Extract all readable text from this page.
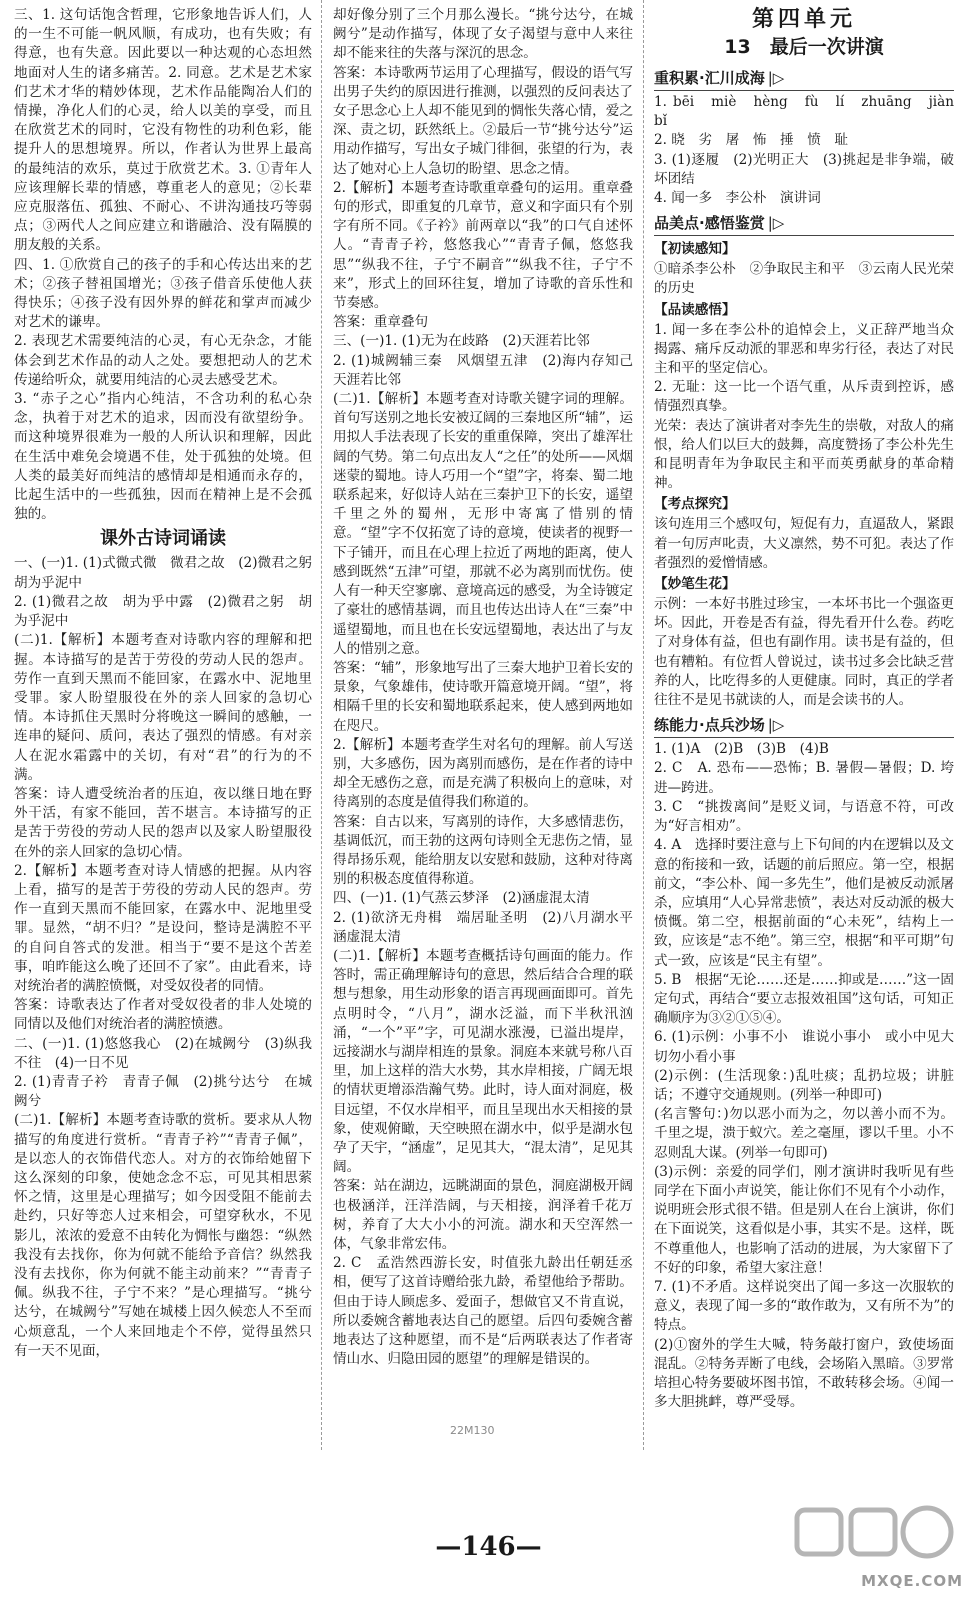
三、1. 这句话饱含哲理，它形象地告诉人们，人的一生不可能一帆风顺，有成功，也有失败；有得意，也有失意。因此要以一种达观的心态坦然地面对人生的诸多痛苦。2. 同意。艺术是艺术家们艺术才华的精妙体现，艺术作品能陶冶人们的情操，净化人们的心灵，给人以美的享受，而且在欣赏艺术的同时，它没有物性的功利色彩，能提升人的思想境界。所以，作者认为世界上最高的最纯洁的欢乐，莫过于欣赏艺术。3. ①青年人应该理解长辈的情感，尊重老人的意见；②长辈应克服落伍、孤独、不耐心、不讲沟通技巧等弱点；③两代人之间应建立和谐融洽、没有隔膜的朋友般的关系。

四、1. ①欣赏自己的孩子的手和心传达出来的艺术；②孩子替祖国增光；③孩子借音乐使他人获得快乐；④孩子没有因外界的鲜花和掌声而减少对艺术的谦卑。

2. 表现艺术需要纯洁的心灵，有心无杂念，才能体会到艺术作品的动人之处。要想把动人的艺术传递给听众，就要用纯洁的心灵去感受艺术。

3. “赤子之心”指内心纯洁，不含功利的私心杂念，执着于对艺术的追求，因而没有欲望纷争。而这种境界很难为一般的人所认识和理解，因此在生活中难免会境遇不佳，处于孤独的处境。但人类的最美好而纯洁的感情却是相通而永存的，比起生活中的一些孤独，因而在精神上是不会孤独的。

课外古诗词诵读

一、(一)1. (1)式微式微　微君之故　(2)微君之躬　胡为乎泥中

2. (1)微君之故　胡为乎中露　(2)微君之躬　胡为乎泥中

(二)1.【解析】本题考查对诗歌内容的理解和把握。本诗描写的是苦于劳役的劳动人民的怨声。劳作一直到天黑而不能回家，在露水中、泥地里受罪。家人盼望服役在外的亲人回家的急切心情。本诗抓住天黑时分将晚这一瞬间的感触，一连串的疑问、质问，表达了强烈的情感。有对亲人在泥水霜露中的关切，有对“君”的行为的不满。

答案：诗人遭受统治者的压迫，夜以继日地在野外干活，有家不能回，苦不堪言。本诗描写的正是苦于劳役的劳动人民的怨声以及家人盼望服役在外的亲人回家的急切心情。

2.【解析】本题考查对诗人情感的把握。从内容上看，描写的是苦于劳役的劳动人民的怨声。劳作一直到天黑而不能回家，在露水中、泥地里受罪。显然，“胡不归？”是设问，整诗是满腔不平的自问自答式的发泄。相当于“要不是这个苦差事，咱昨能这么晚了还回不了家”。由此看来，诗对统治者的满腔愤慨，对受奴役者的同情。

答案：诗歌表达了作者对受奴役者的非人处境的同情以及他们对统治者的满腔愤懑。

二、(一)1. (1)悠悠我心　(2)在城阙兮　(3)纵我不往　(4)一日不见

2. (1)青青子衿　青青子佩　(2)挑兮达兮　在城阙兮

(二)1.【解析】本题考查诗歌的赏析。要求从人物描写的角度进行赏析。“青青子衿”“青青子佩”，是以恋人的衣饰借代恋人。对方的衣饰给她留下这么深刻的印象，使她念念不忘，可见其相思萦怀之情，这里是心理描写；如今因受阻不能前去赴约，只好等恋人过来相会，可望穿秋水，不见影儿，浓浓的爱意不由转化为惆怅与幽怨：“纵然我没有去找你，你为何就不能给予音信？纵然我没有去找你，你为何就不能主动前来？”“青青子佩。纵我不往，子宁不来？”是心理描写。“挑兮达兮，在城阙兮”写她在城楼上因久候恋人不至而心烦意乱，一个人来回地走个不停，觉得虽然只有一天不见面，

却好像分别了三个月那么漫长。“挑兮达兮，在城阙兮”是动作描写，体现了女子渴望与意中人来往却不能来往的失落与深沉的思念。

答案：本诗歌两节运用了心理描写，假设的语气写出男子失约的原因进行推测，以强烈的反问表达了女子思念心上人却不能见到的惆怅失落心情，爱之深、责之切，跃然纸上。②最后一节“挑兮达兮”运用动作描写，写出女子城门徘徊，张望的行为，表达了她对心上人急切的盼望、思念之情。

2.【解析】本题考查诗歌重章叠句的运用。重章叠句的形式，即重复的几章节，意义和字面只有个别字有所不同。《子衿》前两章以“我”的口气自述怀人。“青青子衿，悠悠我心”“青青子佩，悠悠我思”“纵我不往，子宁不嗣音”“纵我不往，子宁不来”，形式上的回环往复，增加了诗歌的音乐性和节奏感。

答案：重章叠句

三、(一)1. (1)无为在歧路　(2)天涯若比邻

2. (1)城阙辅三秦　风烟望五津　(2)海内存知己　天涯若比邻

(二)1.【解析】本题考查对诗歌关键字词的理解。首句写送别之地长安被辽阔的三秦地区所“辅”，运用拟人手法表现了长安的重重保障，突出了雄浑壮阔的气势。第二句点出友人“之任”的处所——风烟迷蒙的蜀地。诗人巧用一个“望”字，将秦、蜀二地联系起来，好似诗人站在三秦护卫下的长安，遥望千里之外的蜀州，无形中寄寓了惜别的情意。“望”字不仅拓宽了诗的意境，使读者的视野一下子铺开，而且在心理上拉近了两地的距离，使人感到既然“五津”可望，那就不必为离别而忧伤。使人有一种天空寥廓、意境高远的感受，为全诗镀定了豪壮的感情基调，而且也传达出诗人在“三秦”中遥望蜀地，而且也在长安远望蜀地，表达出了与友人的惜别之意。

答案：“辅”，形象地写出了三秦大地护卫着长安的景象，气象雄伟，使诗歌开篇意境开阔。“望”，将相隔千里的长安和蜀地联系起来，使人感到两地如在咫尺。

2.【解析】本题考查学生对名句的理解。前人写送别，大多感伤，因为离别而感伤，是在作者的诗中却全无感伤之意，而是充满了积极向上的意味，对待离别的态度是值得我们称道的。

答案：自古以来，写离别的诗作，大多感情悲伤，基调低沉，而王勃的这两句诗则全无悲伤之情，显得昂扬乐观，能给朋友以安慰和鼓励，这种对待离别的积极态度值得称道。

四、(一)1. (1)气蒸云梦泽　(2)涵虚混太清

2. (1)欲济无舟楫　端居耻圣明　(2)八月湖水平　涵虚混太清

(二)1.【解析】本题考查概括诗句画面的能力。作答时，需正确理解诗句的意思，然后结合合理的联想与想象，用生动形象的语言再现画面即可。首先点明时令，“八月”，湖水泛溢，而下半秋汛汹涌，“一个”平”字，可见湖水涨漫，已溢出堤岸，远接湖水与湖岸相连的景象。洞庭本来就号称八百里，加上这样的浩大水势，其水岸相接，广阔无垠的情状更增添浩瀚气势。此时，诗人面对洞庭，极目远望，不仅水岸相平，而且呈现出水天相接的景象，使观俯瞰，天空映照在湖水中，似乎是湖水包孕了天宇，“涵虚”，足见其大，“混太清”，足见其阔。

答案：站在湖边，远眺湖面的景色，洞庭湖极开阔也极涵洋，汪洋浩阔，与天相接，润泽着千花万树，养育了大大小小的河流。湖水和天空浑然一体，气象非常宏伟。

2. C　孟浩然西游长安，时值张九龄出任朝廷丞相，便写了这首诗赠给张九龄，希望他给予帮助。但由于诗人顾虑多、爱面子，想做官又不肯直说，所以委婉含蓄地表达自己的愿望。后四句委婉含蓄地表达了这种愿望，而不是“后两联表达了作者寄情山水、归隐田园的愿望”的理解是错误的。

第四单元
13　最后一次讲演
重积累·汇川成海 |▷

1. bēi　miè　hèng　fù　lí　zhuāng　jiàn　bǐ

2. 晓　劣　屠　怖　捶　愤　耻

3. (1)逐履　(2)光明正大　(3)挑起是非争端，破坏团结

4. 闻一多　李公朴　演讲词

品美点·感悟鉴赏 |▷
【初读感知】

①暗杀李公朴　②争取民主和平　③云南人民光荣的历史

【品读感悟】

1. 闻一多在李公朴的追悼会上，义正辞严地当众揭露、痛斥反动派的罪恶和卑劣行径，表达了对民主和平的坚定信心。

2. 无耻：这一比一个语气重，从斥责到控诉，感情强烈真挚。

光荣：表达了演讲者对李先生的崇敬，对敌人的痛恨，给人们以巨大的鼓舞，高度赞扬了李公朴先生和昆明青年为争取民主和平而英勇献身的革命精神。

【考点探究】

该句连用三个感叹句，短促有力，直逼敌人，紧跟着一句厉声叱责，大义凛然，势不可犯。表达了作者强烈的爱憎情感。

【妙笔生花】

示例：一本好书胜过珍宝，一本坏书比一个强盗更坏。因此，开卷是否有益，得先看开什么卷。药吃了对身体有益，但也有副作用。读书是有益的，但也有糟粕。有位哲人曾说过，读书过多会比缺乏营养的人，比吃得多的人更健康。同时，真正的学者往往不是见书就读的人，而是会读书的人。

练能力·点兵沙场 |▷

1. (1)A　(2)B　(3)B　(4)B

2. C　A. 恐布——恐怖；B. 暑假—暑假；D. 垮进—跨进。

3. C　“挑拨离间”是贬义词，与语意不符，可改为“好言相劝”。

4. A　选择时要注意与上下句间的内在逻辑以及文意的衔接和一致，话题的前后照应。第一空，根据前文，“李公朴、闻一多先生”，他们是被反动派屠杀，应填用“人心异常悲愤”，表达对反动派的极大愤慨。第二空，根据前面的“心未死”，结构上一致，应该是“志不绝”。第三空，根据“和平可期”句式一致，应该是“民主有望”。

5. B　根据“无论……还是……抑或是……”这一固定句式，再结合“要立志报效祖国”这句话，可知正确顺序为③②①⑤④。

6. (1)示例：小事不小　谁说小事小　或小中见大　切勿小看小事

(2)示例：(生活现象：)乱吐痰；乱扔垃圾；讲脏话；不遵守交通规则。(列举一种即可)

(名言警句：)勿以恶小而为之，勿以善小而不为。千里之堤，溃于蚁穴。差之毫厘，谬以千里。小不忍则乱大谋。(列举一句即可)

(3)示例：亲爱的同学们，刚才演讲时我听见有些同学在下面小声说笑，能让你们不见有个小动作，说明班会形式很不错。但是别人在台上演讲，你们在下面说笑，这看似是小事，其实不是。这样，既不尊重他人，也影响了活动的进展，为大家留下了不好的印象，希望大家注意！

7. (1)不矛盾。这样说突出了闻一多这一次服软的意义，表现了闻一多的“敢作敢为，又有所不为”的特点。

(2)①窗外的学生大喊，特务敲打窗户，致使场面混乱。②特务弄断了电线，会场陷入黑暗。③罗常培担心特务要破坏图书馆，不敢转移会场。④闻一多大胆挑衅，尊严受辱。

22M130
—146—
MXQE.COM
